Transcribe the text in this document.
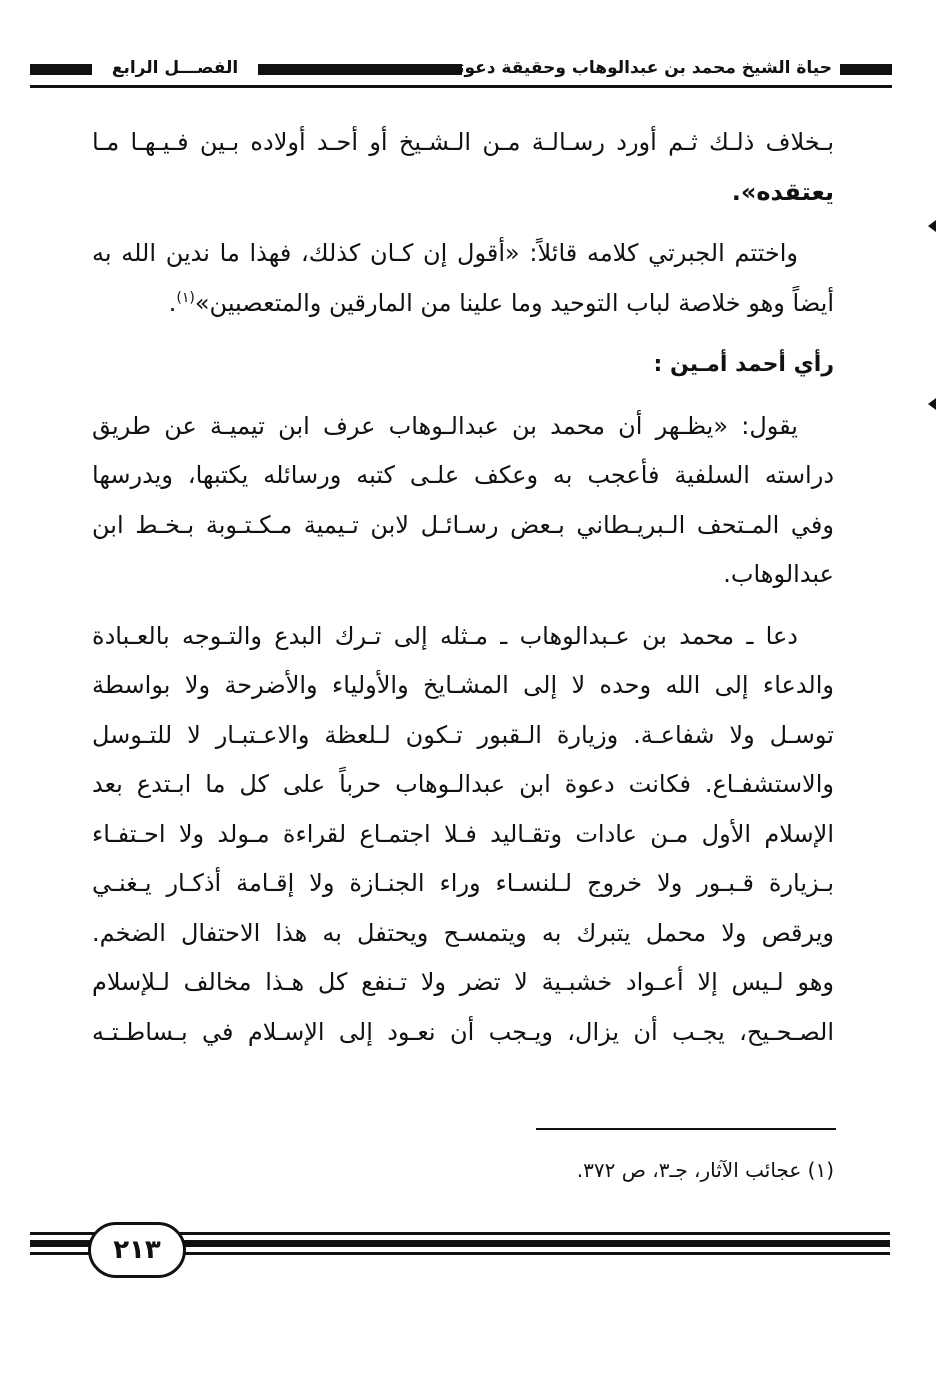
الفصـــل الرابع	حياة الشيخ محمد بن عبدالوهاب وحقيقة دعوته
بـخلاف ذلـك ثـم أورد رسـالـة مـن الـشـيخ أو أحـد أولاده بـين فـيـهـا مـا
يعتقده».
واختتم الجبرتي كلامه قائلاً: «أقول إن كـان كذلك، فهذا ما ندين الله به
أيضاً وهو خلاصة لباب التوحيد وما علينا من المارقين والمتعصبين»$^{(١)}$.
رأي أحمد أمـين :
يقول: «يظـهر أن محمد بن عبدالـوهاب عرف ابن تيميـة عن طريق
دراسته السلفية فأعجب به وعكف علـى كتبه ورسائله يكتبها، ويدرسها
وفي المـتحف الـبريـطاني بـعض رسـائـل لابن تـيمية مـكـتـوبة بـخـط ابن
عبدالوهاب.
دعا ـ محمد بن عـبدالوهاب ـ مـثله إلى تـرك البدع والتـوجه بالعـبادة
والدعاء إلى الله وحده لا إلى المشـايخ والأولياء والأضرحة ولا بواسطة
توسـل ولا شفاعـة. وزيارة الـقبور تـكون لـلعظة والاعـتبـار لا للتـوسل
والاستشفـاع. فكانت دعوة ابن عبدالـوهاب حرباً على كل ما ابـتدع بعد
الإسلام الأول مـن عادات وتقـاليد فـلا اجتمـاع لقراءة مـولد ولا احـتفـاء
بـزيارة قـبـور ولا خروج لـلنسـاء وراء الجنـازة ولا إقـامة أذكـار يـغنـي
ويرقص ولا محمل يتبرك به ويتمسـح ويحتفل به هذا الاحتفال الضخم.
وهو لـيس إلا أعـواد خشبـية لا تضر ولا تـنفع كل هـذا مخالف لـلإسلام
الصـحـيح، يجـب أن يزال، ويـجب أن نعـود إلى الإسـلام في بـساطـتـه
(١) عجائب الآثار، جـ٣، ص ٣٧٢.
٢١٣
